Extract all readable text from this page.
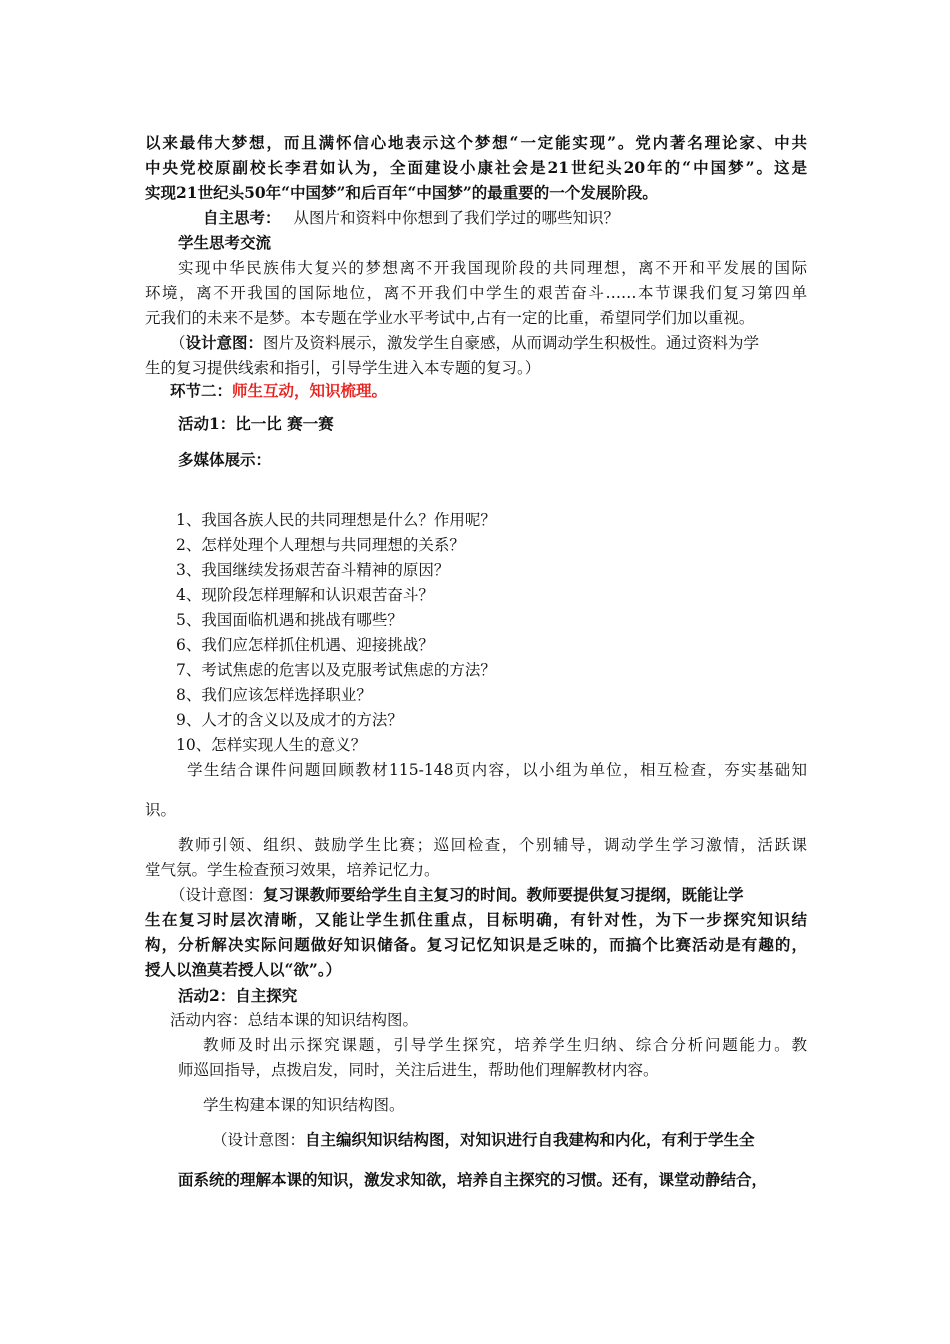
以来最伟大梦想，而且满怀信心地表示这个梦想“一定能实现”。党内著名理论家、中共
中央党校原副校长李君如认为，全面建设小康社会是21世纪头20年的“中国梦”。这是
实现21世纪头50年“中国梦”和后百年“中国梦”的最重要的一个发展阶段。
自主思考： 从图片和资料中你想到了我们学过的哪些知识？
学生思考交流
实现中华民族伟大复兴的梦想离不开我国现阶段的共同理想，离不开和平发展的国际
环境，离不开我国的国际地位，离不开我们中学生的艰苦奋斗……本节课我们复习第四单
元我们的未来不是梦。本专题在学业水平考试中,占有一定的比重，希望同学们加以重视。
（设计意图：图片及资料展示，激发学生自豪感，从而调动学生积极性。通过资料为学
生的复习提供线索和指引，引导学生进入本专题的复习。）
环节二：师生互动，知识梳理。
活动1：比一比 赛一赛
多媒体展示：
1、我国各族人民的共同理想是什么？作用呢？
2、怎样处理个人理想与共同理想的关系？
3、我国继续发扬艰苦奋斗精神的原因？
4、现阶段怎样理解和认识艰苦奋斗？
5、我国面临机遇和挑战有哪些？
6、我们应怎样抓住机遇、迎接挑战？
7、考试焦虑的危害以及克服考试焦虑的方法？
8、我们应该怎样选择职业？
9、人才的含义以及成才的方法？
10、怎样实现人生的意义？
学生结合课件问题回顾教材115-148页内容，以小组为单位，相互检查，夯实基础知
识。
教师引领、组织、鼓励学生比赛；巡回检查，个别辅导，调动学生学习激情，活跃课
堂气氛。学生检查预习效果，培养记忆力。
（设计意图：复习课教师要给学生自主复习的时间。教师要提供复习提纲，既能让学
生在复习时层次清晰，又能让学生抓住重点，目标明确，有针对性，为下一步探究知识结
构，分析解决实际问题做好知识储备。复习记忆知识是乏味的，而搞个比赛活动是有趣的，
授人以渔莫若授人以“欲”。）
活动2：自主探究
活动内容：总结本课的知识结构图。
教师及时出示探究课题，引导学生探究，培养学生归纳、综合分析问题能力。教
师巡回指导，点拨启发，同时，关注后进生，帮助他们理解教材内容。
学生构建本课的知识结构图。
（设计意图：自主编织知识结构图，对知识进行自我建构和内化，有利于学生全
面系统的理解本课的知识，激发求知欲，培养自主探究的习惯。还有，课堂动静结合，
